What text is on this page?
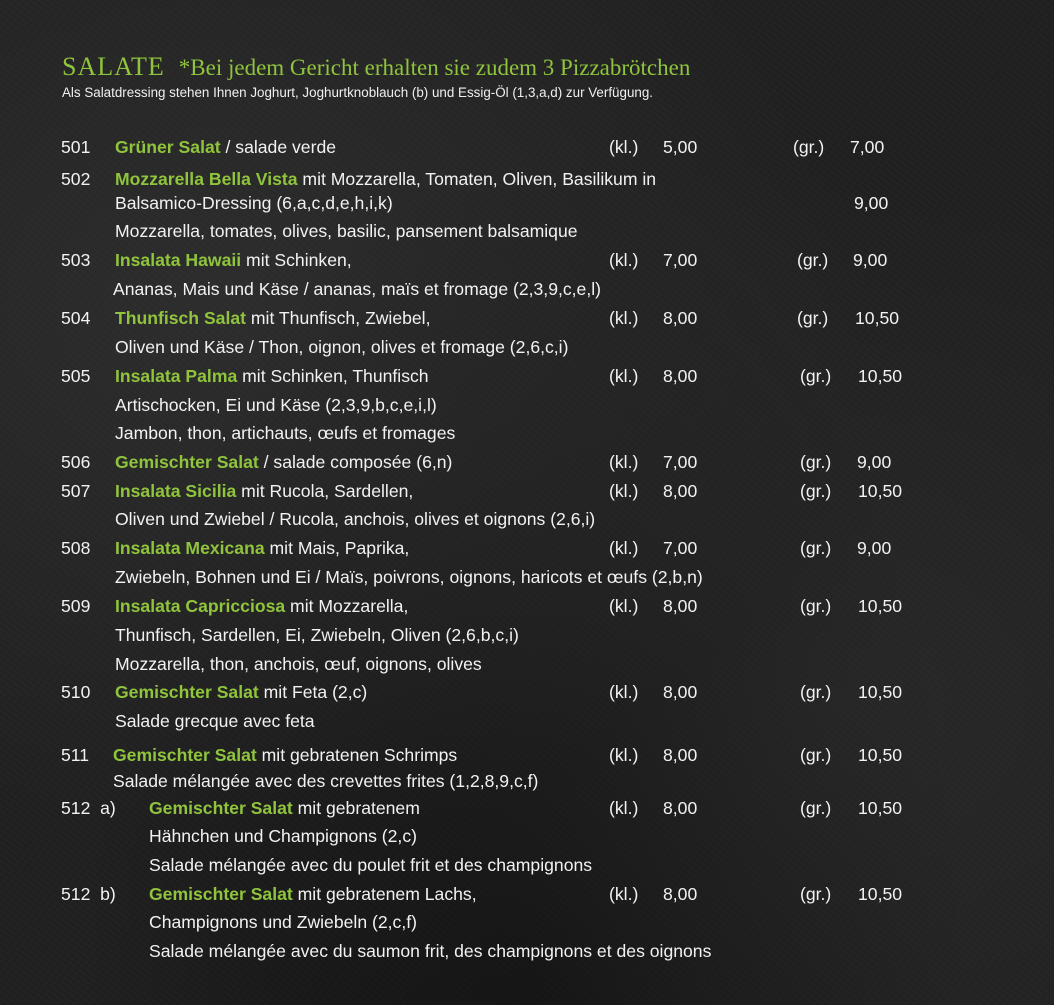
SALATE *Bei jedem Gericht erhalten sie zudem 3 Pizzabrötchen
Als Salatdressing stehen Ihnen Joghurt, Joghurtknoblauch (b) und Essig-Öl (1,3,a,d) zur Verfügung.
501 Grüner Salat / salade verde	(kl.) 5,00	(gr.) 7,00
502 Mozzarella Bella Vista mit Mozzarella, Tomaten, Oliven, Basilikum in
Balsamico-Dressing (6,a,c,d,e,h,i,k)	9,00
Mozzarella, tomates, olives, basilic, pansement balsamique
503 Insalata Hawaii mit Schinken,	(kl.) 7,00	(gr.) 9,00
Ananas, Mais und Käse / ananas, maïs et fromage (2,3,9,c,e,l)
504 Thunfisch Salat mit Thunfisch, Zwiebel,	(kl.) 8,00	(gr.) 10,50
Oliven und Käse / Thon, oignon, olives et fromage (2,6,c,i)
505 Insalata Palma mit Schinken, Thunfisch	(kl.) 8,00	(gr.) 10,50
Artischocken, Ei und Käse (2,3,9,b,c,e,i,l)
Jambon, thon, artichauts, œufs et fromages
506 Gemischter Salat / salade composée (6,n)	(kl.) 7,00	(gr.) 9,00
507 Insalata Sicilia mit Rucola, Sardellen,	(kl.) 8,00	(gr.) 10,50
Oliven und Zwiebel / Rucola, anchois, olives et oignons (2,6,i)
508 Insalata Mexicana mit Mais, Paprika,	(kl.) 7,00	(gr.) 9,00
Zwiebeln, Bohnen und Ei / Maïs, poivrons, oignons, haricots et œufs (2,b,n)
509 Insalata Capricciosa mit Mozzarella,	(kl.) 8,00	(gr.) 10,50
Thunfisch, Sardellen, Ei, Zwiebeln, Oliven (2,6,b,c,i)
Mozzarella, thon, anchois, œuf, oignons, olives
510 Gemischter Salat mit Feta (2,c)	(kl.) 8,00	(gr.) 10,50
Salade grecque avec feta
511 Gemischter Salat mit gebratenen Schrimps	(kl.) 8,00	(gr.) 10,50
Salade mélangée avec des crevettes frites (1,2,8,9,c,f)
512  a) Gemischter Salat mit gebratenem	(kl.) 8,00	(gr.) 10,50
Hähnchen und Champignons (2,c)
Salade mélangée avec du poulet frit et des champignons
512  b) Gemischter Salat mit gebratenem Lachs,	(kl.) 8,00	(gr.) 10,50
Champignons und Zwiebeln (2,c,f)
Salade mélangée avec du saumon frit, des champignons et des oignons
